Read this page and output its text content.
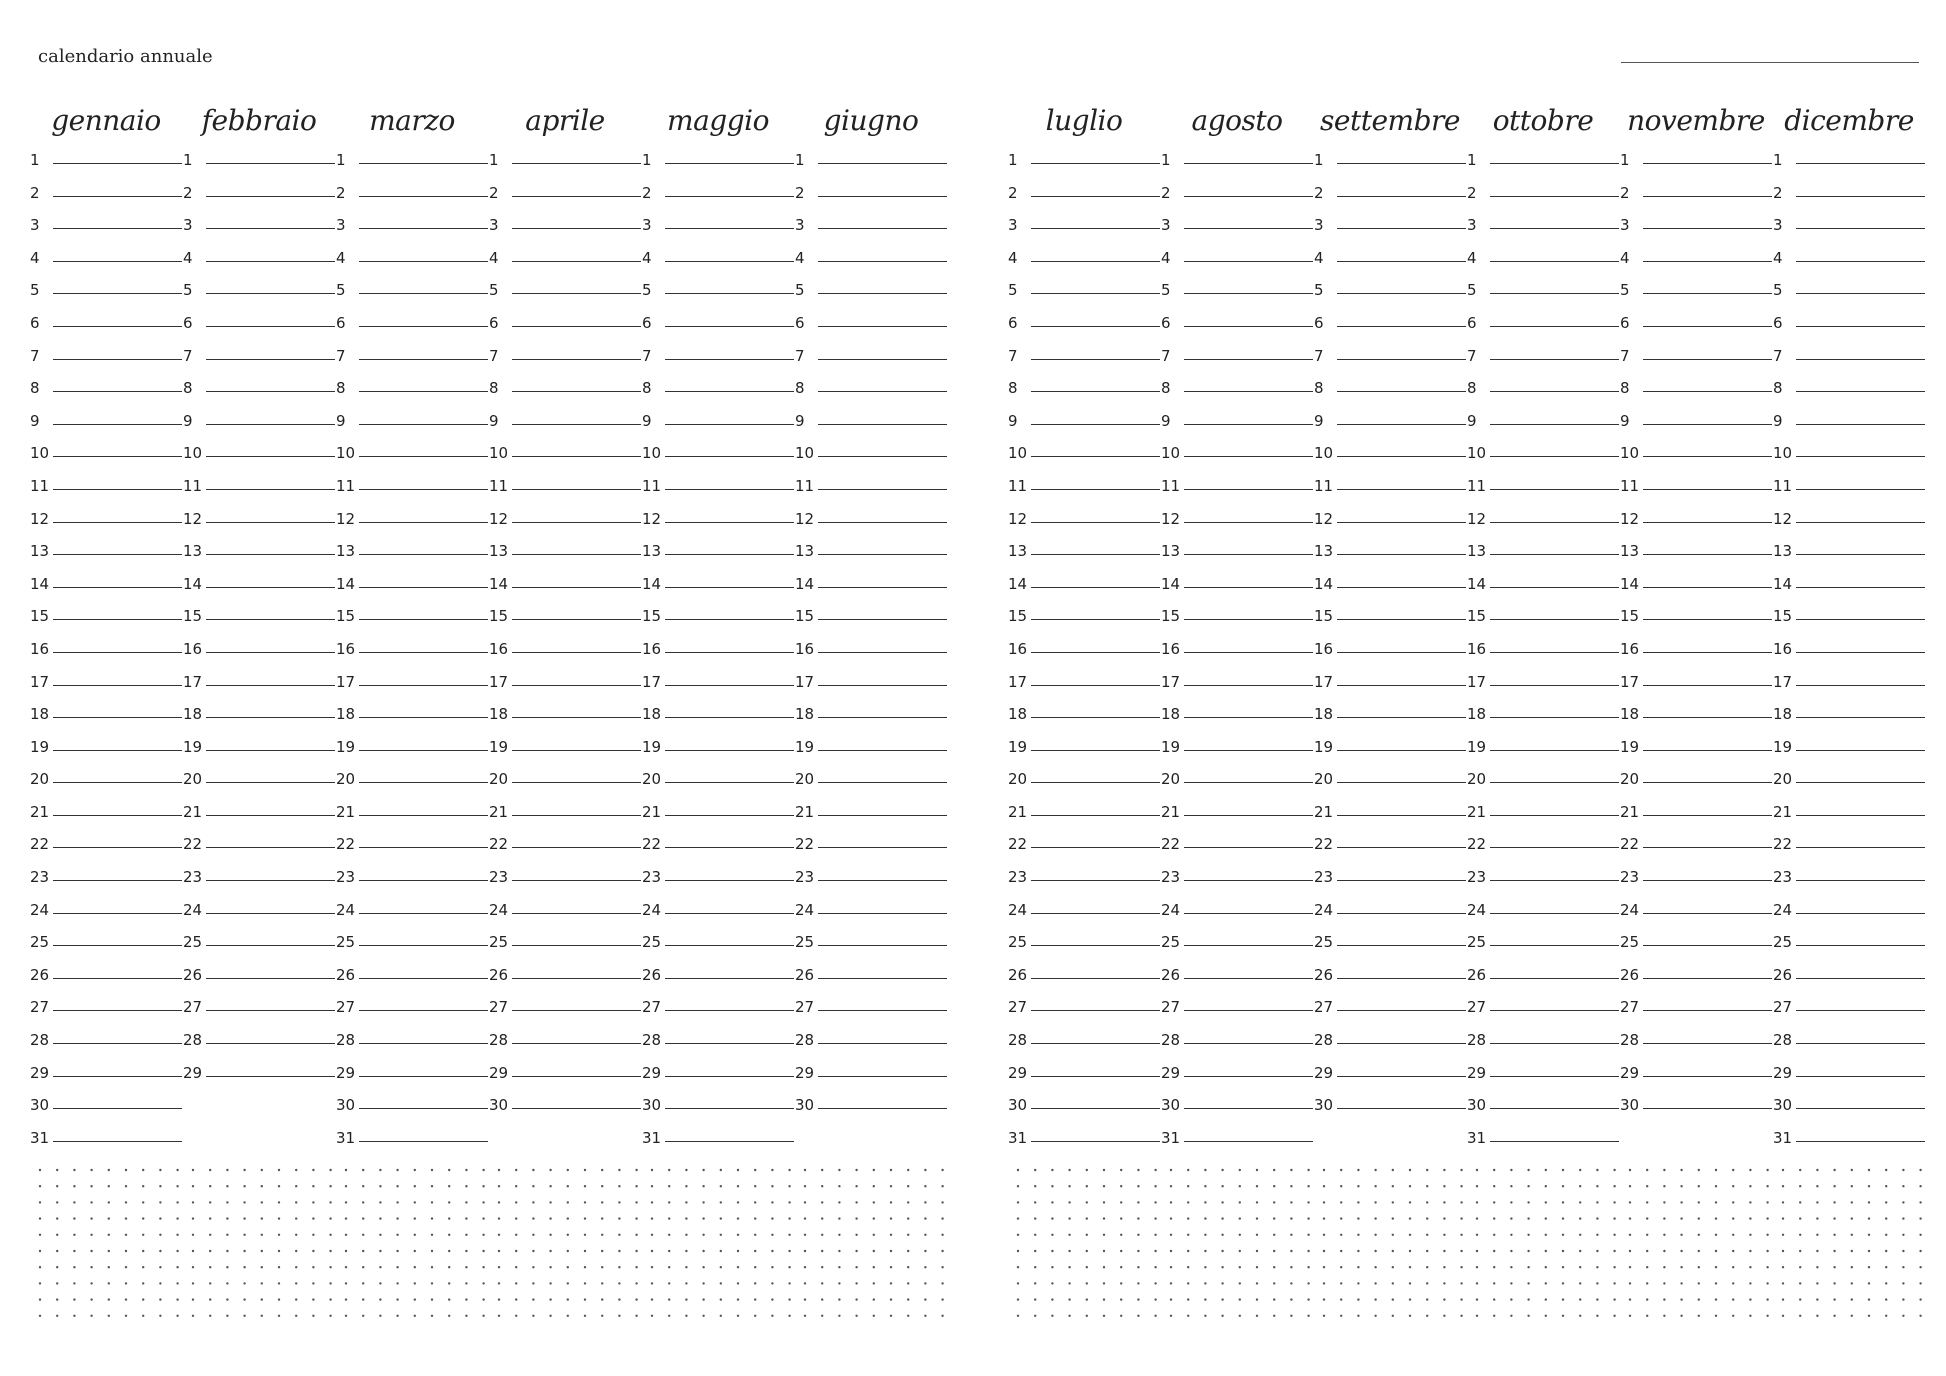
calendario annuale
gennaio
1
2
3
4
5
6
7
8
9
10
11
12
13
14
15
16
17
18
19
20
21
22
23
24
25
26
27
28
29
30
31
febbraio
1
2
3
4
5
6
7
8
9
10
11
12
13
14
15
16
17
18
19
20
21
22
23
24
25
26
27
28
29
marzo
1
2
3
4
5
6
7
8
9
10
11
12
13
14
15
16
17
18
19
20
21
22
23
24
25
26
27
28
29
30
31
aprile
1
2
3
4
5
6
7
8
9
10
11
12
13
14
15
16
17
18
19
20
21
22
23
24
25
26
27
28
29
30
maggio
1
2
3
4
5
6
7
8
9
10
11
12
13
14
15
16
17
18
19
20
21
22
23
24
25
26
27
28
29
30
31
giugno
1
2
3
4
5
6
7
8
9
10
11
12
13
14
15
16
17
18
19
20
21
22
23
24
25
26
27
28
29
30
luglio
1
2
3
4
5
6
7
8
9
10
11
12
13
14
15
16
17
18
19
20
21
22
23
24
25
26
27
28
29
30
31
agosto
1
2
3
4
5
6
7
8
9
10
11
12
13
14
15
16
17
18
19
20
21
22
23
24
25
26
27
28
29
30
31
settembre
1
2
3
4
5
6
7
8
9
10
11
12
13
14
15
16
17
18
19
20
21
22
23
24
25
26
27
28
29
30
ottobre
1
2
3
4
5
6
7
8
9
10
11
12
13
14
15
16
17
18
19
20
21
22
23
24
25
26
27
28
29
30
31
novembre
1
2
3
4
5
6
7
8
9
10
11
12
13
14
15
16
17
18
19
20
21
22
23
24
25
26
27
28
29
30
dicembre
1
2
3
4
5
6
7
8
9
10
11
12
13
14
15
16
17
18
19
20
21
22
23
24
25
26
27
28
29
30
31
